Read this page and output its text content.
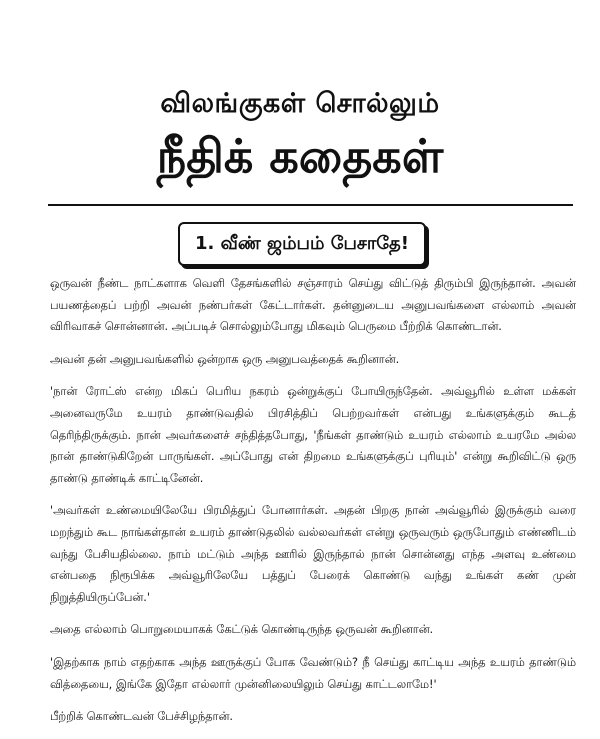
விலங்குகள் சொல்லும்
நீதிக் கதைகள்
1. வீண் ஜம்பம் பேசாதே!

ஒருவன் நீண்ட நாட்களாக வெளி தேசங்களில் சஞ்சாரம் செய்து விட்டுத் திரும்பி இருந்தான். அவன் பயணத்தைப் பற்றி அவன் நண்பர்கள் கேட்டார்கள். தன்னுடைய அனுபவங்களை எல்லாம் அவன் விரிவாகச் சொன்னான். அப்படிச் சொல்லும்போது மிகவும் பெருமை பீற்றிக் கொண்டான்.

அவன் தன் அனுபவங்களில் ஒன்றாக ஒரு அனுபவத்தைக் கூறினான்.

'நான் ரோட்ஸ் என்ற மிகப் பெரிய நகரம் ஒன்றுக்குப் போயிருந்தேன். அவ்வூரில் உள்ள மக்கள் அனைவருமே உயரம் தாண்டுவதில் பிரசித்திப் பெற்றவர்கள் என்பது உங்களுக்கும் கூடத் தெரிந்திருக்கும். நான் அவர்களைச் சந்தித்தபோது, 'நீங்கள் தாண்டும் உயரம் எல்லாம் உயரமே அல்ல நான் தாண்டுகிறேன் பாருங்கள். அப்போது என் திறமை உங்களுக்குப் புரியும்' என்று கூறிவிட்டு ஒரு தாண்டு தாண்டிக் காட்டினேன்.

'அவர்கள் உண்மையிலேயே பிரமித்துப் போனார்கள். அதன் பிறகு நான் அவ்வூரில் இருக்கும் வரை மறந்தும் கூட நாங்கள்தான் உயரம் தாண்டுதலில் வல்லவர்கள் என்று ஒருவரும் ஒருபோதும் எண்ணிடம் வந்து பேசியதில்லை. நாம் மட்டும் அந்த ஊரில் இருந்தால் நான் சொன்னது எந்த அளவு உண்மை என்பதை நிரூபிக்க அவ்வூரிலேயே பத்துப் பேரைக் கொண்டு வந்து உங்கள் கண் முன் நிறுத்தியிருப்பேன்.'

அதை எல்லாம் பொறுமையாகக் கேட்டுக் கொண்டிருந்த ஒருவன் கூறினான்.

'இதற்காக நாம் எதற்காக அந்த ஊருக்குப் போக வேண்டும்? நீ செய்து காட்டிய அந்த உயரம் தாண்டும் வித்தையை, இங்கே இதோ எல்லார் முன்னிலையிலும் செய்து காட்டலாமே!'

பீற்றிக் கொண்டவன் பேச்சிழந்தான்.
